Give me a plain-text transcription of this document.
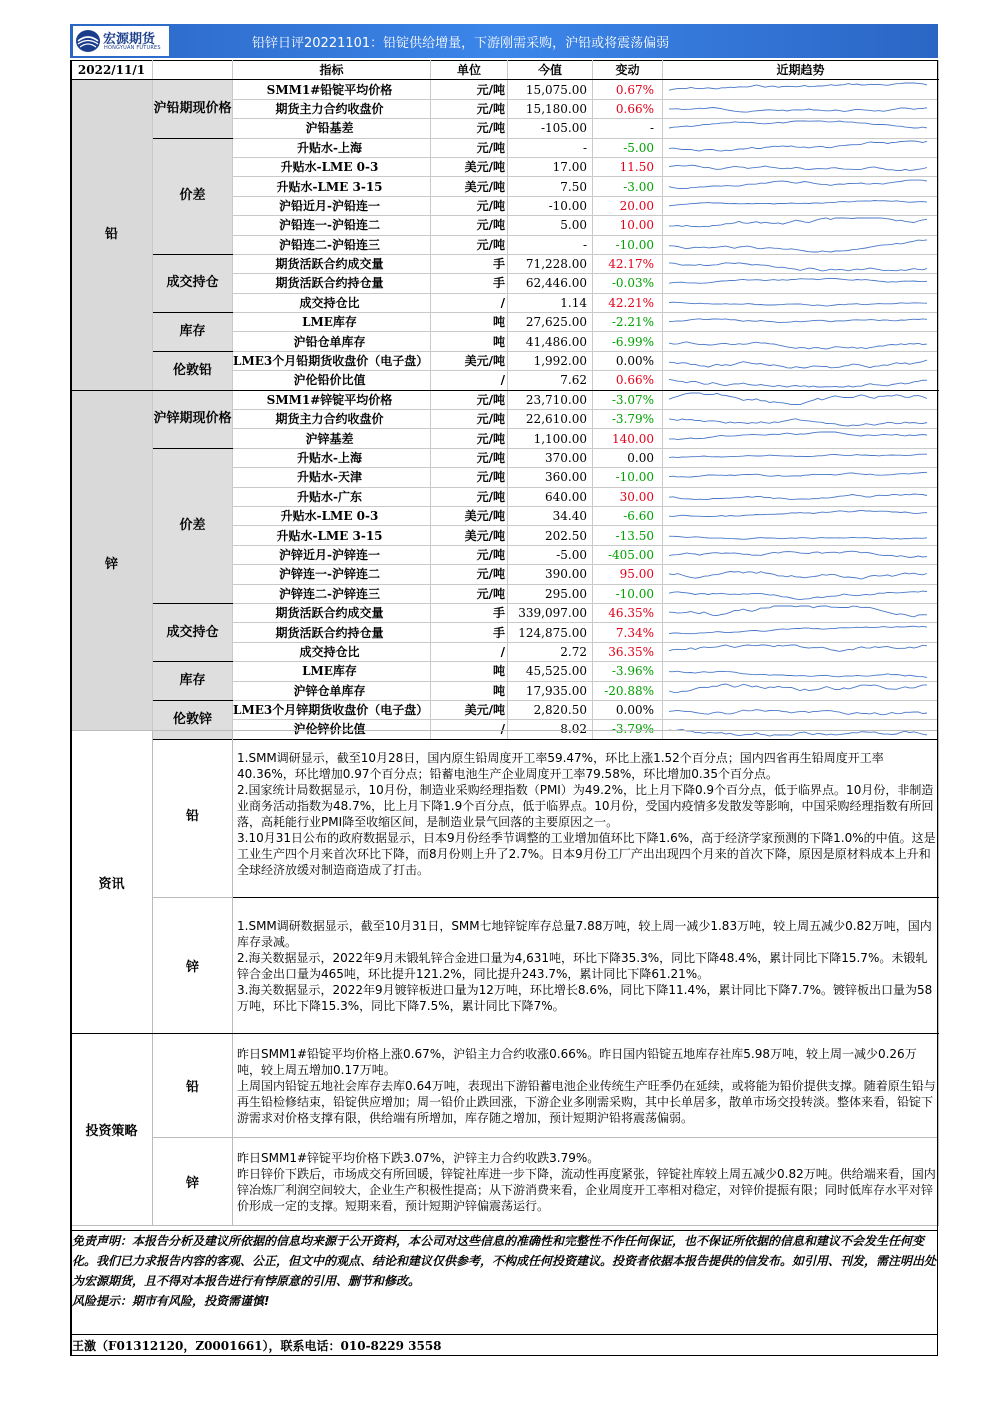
宏源期货
HONGYUAN FUTURES	铅锌日评20221101：铅锭供给增量，下游刚需采购，沪铅或将震荡偏弱
2022/11/1		指标	单位	今值	变动	近期趋势
铅	沪铅期现价格	SMM1#铅锭平均价格	元/吨	15,075.00	0.67%	

		期货主力合约收盘价	元/吨	15,180.00	0.66%	

		沪铅基差	元/吨	-105.00	-	

	价差	升贴水-上海	元/吨	-	-5.00	

		升贴水-LME 0-3	美元/吨	17.00	11.50	

		升贴水-LME 3-15	美元/吨	7.50	-3.00	

		沪铅近月-沪铅连一	元/吨	-10.00	20.00	

		沪铅连一-沪铅连二	元/吨	5.00	10.00	

		沪铅连二-沪铅连三	元/吨	-	-10.00	

	成交持仓	期货活跃合约成交量	手	71,228.00	42.17%	

		期货活跃合约持仓量	手	62,446.00	-0.03%	

		成交持仓比	/	1.14	42.21%	

	库存	LME库存	吨	27,625.00	-2.21%	

		沪铅仓单库存	吨	41,486.00	-6.99%	

	伦敦铅	LME3个月铅期货收盘价（电子盘）	美元/吨	1,992.00	0.00%	

		沪伦铅价比值	/	7.62	0.66%	

锌	沪锌期现价格	SMM1#锌锭平均价格	元/吨	23,710.00	-3.07%	

		期货主力合约收盘价	元/吨	22,610.00	-3.79%	

		沪锌基差	元/吨	1,100.00	140.00	

	价差	升贴水-上海	元/吨	370.00	0.00	

		升贴水-天津	元/吨	360.00	-10.00	

		升贴水-广东	元/吨	640.00	30.00	

		升贴水-LME 0-3	美元/吨	34.40	-6.60	

		升贴水-LME 3-15	美元/吨	202.50	-13.50	

		沪锌近月-沪锌连一	元/吨	-5.00	-405.00	

		沪锌连一-沪锌连二	元/吨	390.00	95.00	

		沪锌连二-沪锌连三	元/吨	295.00	-10.00	

	成交持仓	期货活跃合约成交量	手	339,097.00	46.35%	

		期货活跃合约持仓量	手	124,875.00	7.34%	

		成交持仓比	/	2.72	36.35%	

	库存	LME库存	吨	45,525.00	-3.96%	

		沪锌仓单库存	吨	17,935.00	-20.88%	

	伦敦锌	LME3个月锌期货收盘价（电子盘）	美元/吨	2,820.50	0.00%	

		沪伦锌价比值	/	8.02	-3.79%	
资讯	铅	1.SMM调研显示，截至10月28日，国内原生铅周度开工率59.47%，环比上涨1.52个百分点；国内四省再生铅周度开工率40.36%，环比增加0.97个百分点；铅蓄电池生产企业周度开工率79.58%，环比增加0.35个百分点。

2.国家统计局数据显示，10月份，制造业采购经理指数（PMI）为49.2%，比上月下降0.9个百分点，低于临界点。10月份，非制造业商务活动指数为48.7%，比上月下降1.9个百分点，低于临界点。10月份，受国内疫情多发散发等影响，中国采购经理指数有所回落，高耗能行业PMI降至收缩区间，是制造业景气回落的主要原因之一。

3.10月31日公布的政府数据显示，日本9月份经季节调整的工业增加值环比下降1.6%，高于经济学家预测的下降1.0%的中值。这是工业生产四个月来首次环比下降，而8月份则上升了2.7%。日本9月份工厂产出出现四个月来的首次下降，原因是原材料成本上升和全球经济放缓对制造商造成了打击。

	锌	1.SMM调研数据显示，截至10月31日，SMM七地锌锭库存总量7.88万吨，较上周一减少1.83万吨，较上周五减少0.82万吨，国内库存录减。

2.海关数据显示，2022年9月未锻轧锌合金进口量为4,631吨，环比下降35.3%，同比下降48.4%，累计同比下降15.7%。未锻轧锌合金出口量为465吨，环比提升121.2%，同比提升243.7%，累计同比下降61.21%。

3.海关数据显示，2022年9月镀锌板进口量为12万吨，环比增长8.6%，同比下降11.4%，累计同比下降7.7%。镀锌板出口量为58万吨，环比下降15.3%，同比下降7.5%，累计同比下降7%。

投资策略	铅	昨日SMM1#铅锭平均价格上涨0.67%，沪铅主力合约收涨0.66%。昨日国内铅锭五地库存社库5.98万吨，较上周一减少0.26万吨，较上周五增加0.17万吨。

上周国内铅锭五地社会库存去库0.64万吨，表现出下游铅蓄电池企业传统生产旺季仍在延续，或将能为铅价提供支撑。随着原生铅与再生铅检修结束，铅锭供应增加；周一铅价止跌回涨，下游企业多刚需采购，其中长单居多，散单市场交投转淡。整体来看，铅锭下游需求对价格支撑有限，供给端有所增加，库存随之增加，预计短期沪铅将震荡偏弱。

	锌	昨日SMM1#锌锭平均价格下跌3.07%，沪锌主力合约收跌3.79%。

昨日锌价下跌后，市场成交有所回暖，锌锭社库进一步下降，流动性再度紧张，锌锭社库较上周五减少0.82万吨。供给端来看，国内锌冶炼厂利润空间较大，企业生产积极性提高；从下游消费来看，企业周度开工率相对稳定，对锌价提振有限；同时低库存水平对锌价形成一定的支撑。短期来看，预计短期沪锌偏震荡运行。

免责声明：本报告分析及建议所依据的信息均来源于公开资料，本公司对这些信息的准确性和完整性不作任何保证，也不保证所依据的信息和建议不会发生任何变化。我们已力求报告内容的客观、公正，但文中的观点、结论和建议仅供参考，不构成任何投资建议。投资者依据本报告提供的信发布。如引用、刊发，需注明出处为宏源期货，且不得对本报告进行有悖原意的引用、删节和修改。
风险提示：期市有风险，投资需谨慎!
王激（F01312120，Z0001661），联系电话：010-8229 3558
